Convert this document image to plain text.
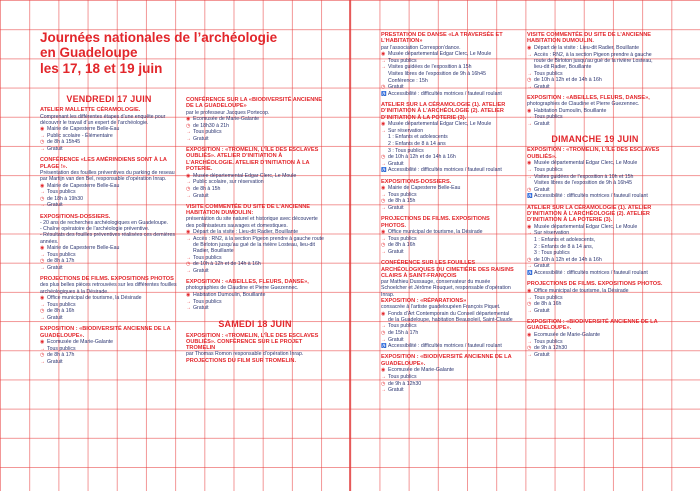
Journées nationales de l’archéologie en Guadeloupe
les 17, 18 et 19 juin
VENDREDI 17 JUIN
ATELIER MALLETTE CÉRAMOLOGIE.
Comprenant les différentes étapes d’une enquête pour découvrir le travail d’un expert de l’archéologie.
◉ Mairie de Capesterre Belle-Eau
→ Public scolaire - Élémentaire
◷ de 8h à 15h45
→ Gratuit
CONFÉRENCE «LES AMÉRINDIENS SONT À LA PLAGE !».
Présentation des fouilles préventives du parking de reseau par Martijn van den Bel, responsable d’opération Inrap.
◉ Mairie de Capesterre Belle-Eau
→ Tous publics
◷ de 18h à 19h30
→ Gratuit
EXPOSITIONS-DOSSIERS.
- 20 ans de recherches archéologiques en Guadeloupe.
- Chaîne opératoire de l’archéologie préventive.
- Résultats des fouilles préventives réalisées ces dernières années.
◉ Mairie de Capesterre Belle-Eau
→ Tous publics
◷ de 8h à 17h
→ Gratuit
PROJECTIONS DE FILMS. EXPOSITIONS PHOTOS
des plus belles pièces retrouvées sur les différentes fouilles archéologiques à la Désirade.
◉ Office municipal de tourisme, la Désirade
→ Tous publics
◷ de 8h à 16h
→ Gratuit
EXPOSITION : «BIODIVERSITÉ ANCIENNE DE LA GUADELOUPE».
◉ Ecomusée de Marie-Galante
→ Tous publics
◷ de 8h à 17h
→ Gratuit
CONFÉRENCE SUR LA «BIODIVERSITÉ ANCIENNE DE LA GUADELOUPE»
par le professeur Jacques Portecop.
◉ Ecomusée de Marie-Galante
◷ de 18h30 à 21h
→ Tous publics
→ Gratuit
EXPOSITION : «TROMELIN, L’ÎLE DES ESCLAVES OUBLIÉS». ATELIER D’INITIATION À L’ARCHÉOLOGIE. ATELIER D’INITIATION À LA POTERIE.
◉ Musée départemental Edgar Clerc, Le Moule
→ Public scolaire, sur réservation
◷ de 8h à 15h
→ Gratuit
VISITE COMMENTÉE DU SITE DE L’ANCIENNE HABITATION DUMOULIN:
présentation du site naturel et historique avec découverte des pollinisateurs sauvages et domestiques.
◉ Départ de la visite : Lieu-dit Radier, Bouillante
→ Accès : RN2, à la section Pigeon prendre à gauche route de Birloton jusqu’au gué de la rivière Losteau, lieu-dit Radier, Bouillante
→ Tous publics
◷ de 10h à 12h et de 14h à 16h
→ Gratuit
EXPOSITION : «ABEILLES, FLEURS, DANSE»,
photographies de Claudine et Pierre Guezennec.
◉ Habitation Dumoulin, Bouillante
→ Tous publics
→ Gratuit
SAMEDI 18 JUIN
EXPOSITION : «TROMELIN, L’ÎLE DES ESCLAVES OUBLIÉS». CONFÉRENCE SUR LE PROJET TROMELIN
par Thomas Romon responsable d’opération Inrap.
PROJECTIONS DU FILM SUR TROMELIN.
PRESTATION DE DANSE «LA TRAVERSÉE ET L’HABITATION»
par l’association Correspon’dance.
◉ Musée départemental Edgar Clerc, Le Moule
→ Tous publics
→ Visites guidées de l’exposition à 15h
Visites libres de l’exposition de 9h à 16h45
Conférence : 15h
◷ Gratuit
♿ Accessibilité : difficultés motrices / fauteuil roulant
ATELIER SUR LA CÉRAMOLOGIE (1). ATELIER D’INITIATION À L’ARCHÉOLOGIE (2). ATELIER D’INITIATION À LA POTERIE (3).
◉ Musée départemental Edgar Clerc, Le Moule
→ Sur réservation
1 : Enfants et adolescents
2 : Enfants de 8 à 14 ans
3 : Tous publics
◷ de 10h à 12h et de 14h à 16h
→ Gratuit
♿ Accessibilité : difficultés motrices / fauteuil roulant
EXPOSITIONS-DOSSIERS.
◉ Mairie de Capesterre Belle-Eau
→ Tous publics
◷ de 8h à 15h
→ Gratuit
PROJECTIONS DE FILMS. EXPOSITIONS PHOTOS.
◉ Office municipal de tourisme, la Désirade
→ Tous publics
◷ de 8h à 16h
→ Gratuit
CONFÉRENCE SUR LES FOUILLES ARCHÉOLOGIQUES DU CIMETIÈRE DES RAISINS CLAIRS À SAINT-FRANÇOIS
par Mathieu Dussauge, conservateur du musée Schoelcher et Jérôme Rouquet, responsable d’opération Inrap.
EXPOSITION : «RÉPARATIONS»
consacrée à l’artiste guadeloupéen François Piquet.
◉ Fonds d’Art Contemporain du Conseil départemental de la Guadeloupe, habitation Beausoleil, Saint-Claude
→ Tous publics
◷ de 15h à 17h
→ Gratuit
♿ Accessibilité : difficultés motrices / fauteuil roulant
EXPOSITION : «BIODIVERSITÉ ANCIENNE DE LA GUADELOUPE».
◉ Ecomusée de Marie-Galante
→ Tous publics
◷ de 9h à 12h30
→ Gratuit
VISITE COMMENTÉE DU SITE DE L’ANCIENNE HABITATION DUMOULIN.
◉ Départ de la visite : Lieu-dit Radier, Bouillante
→ Accès : RN2, à la section Pigeon prendre à gauche route de Birloton jusqu’au gué de la rivière Losteau, lieu-dit Radier, Bouillante
→ Tous publics
◷ de 10h à 12h et de 14h à 16h
→ Gratuit
EXPOSITION : «ABEILLES, FLEURS, DANSE»,
photographies de Claudine et Pierre Guezennec.
◉ Habitation Dumoulin, Bouillante
→ Tous publics
→ Gratuit
DIMANCHE 19 JUIN
EXPOSITION : «TROMELIN, L’ÎLE DES ESCLAVES OUBLIÉS».
◉ Musée départemental Edgar Clerc, Le Moule
→ Tous publics
→ Visites guidées de l’exposition à 10h et 15h
Visites libres de l’exposition de 9h à 16h45
◷ Gratuit
♿ Accessibilité : difficultés motrices / fauteuil roulant
ATELIER SUR LA CÉRAMOLOGIE (1). ATELIER D’INITIATION À L’ARCHÉOLOGIE (2). ATELIER D’INITIATION À LA POTERIE (3).
◉ Musée départemental Edgar Clerc, Le Moule
→ Sur réservation
1 : Enfants et adolescents,
2 : Enfants de 8 à 14 ans,
3 : Tous publics
◷ de 10h à 12h et de 14h à 16h
→ Gratuit
♿ Accessibilité : difficultés motrices / fauteuil roulant
PROJECTIONS DE FILMS. EXPOSITIONS PHOTOS.
◉ Office municipal de tourisme, la Désirade
→ Tous publics
◷ de 8h à 16h
→ Gratuit
EXPOSITION : «BIODIVERSITÉ ANCIENNE DE LA GUADELOUPE».
◉ Ecomusée de Marie-Galante
→ Tous publics
◷ de 9h à 12h30
→ Gratuit
